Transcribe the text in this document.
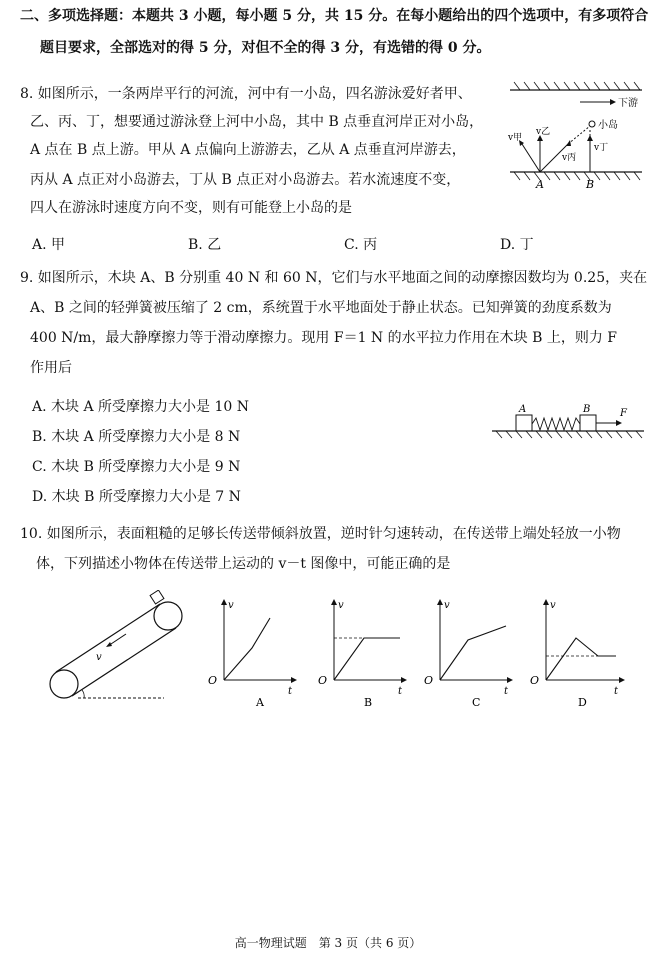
二、多项选择题：本题共 3 小题，每小题 5 分，共 15 分。在每小题给出的四个选项中，有多项符合
题目要求，全部选对的得 5 分，对但不全的得 3 分，有选错的得 0 分。
8. 如图所示，一条两岸平行的河流，河中有一小岛，四名游泳爱好者甲、
乙、丙、丁，想要通过游泳登上河中小岛，其中 B 点垂直河岸正对小岛，
A 点在 B 点上游。甲从 A 点偏向上游游去，乙从 A 点垂直河岸游去，
丙从 A 点正对小岛游去，丁从 B 点正对小岛游去。若水流速度不变，
四人在游泳时速度方向不变，则有可能登上小岛的是
A. 甲	B. 乙	C. 丙	D. 丁
下游
小岛
v甲
v乙
v丙
v丁
A	B
9. 如图所示，木块 A、B 分别重 40 N 和 60 N，它们与水平地面之间的动摩擦因数均为 0.25，夹在
A、B 之间的轻弹簧被压缩了 2 cm，系统置于水平地面处于静止状态。已知弹簧的劲度系数为
400 N/m，最大静摩擦力等于滑动摩擦力。现用 F＝1 N 的水平拉力作用在木块 B 上，则力 F
作用后
A. 木块 A 所受摩擦力大小是 10 N
B. 木块 A 所受摩擦力大小是 8 N
C. 木块 B 所受摩擦力大小是 9 N
D. 木块 B 所受摩擦力大小是 7 N
A	B	F
10. 如图所示，表面粗糙的足够长传送带倾斜放置，逆时针匀速转动，在传送带上端处轻放一小物
体，下列描述小物体在传送带上运动的 v－t 图像中，可能正确的是
v
v
t
O
A
v
t
O
B
v
t
O
C
v
t
O
D
高一物理试题　第 3 页（共 6 页）
